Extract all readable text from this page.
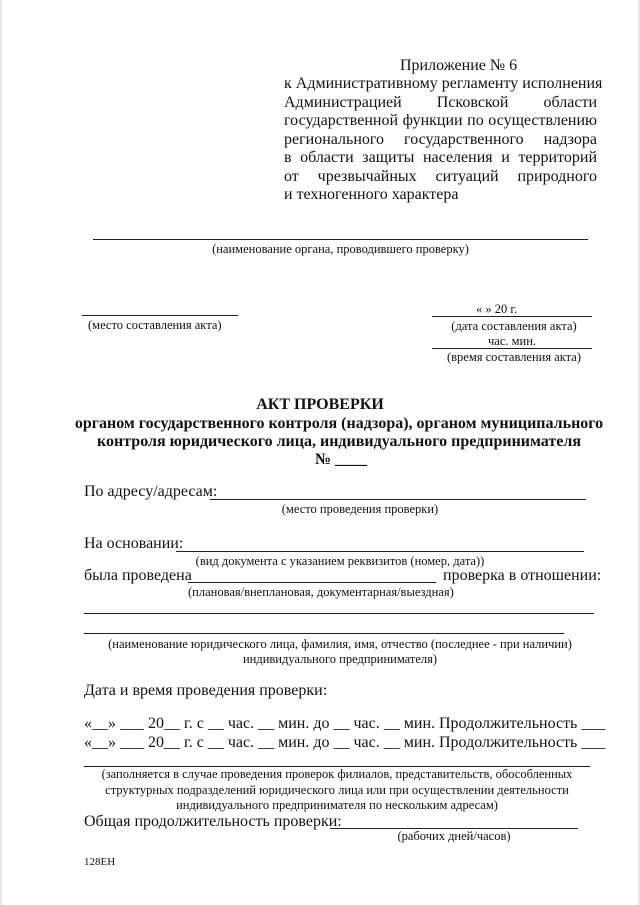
Приложение № 6
к Административному регламенту исполнения
Администрацией Псковской области
государственной функции по осуществлению
регионального государственного надзора
в области защиты населения и территорий
от чрезвычайных ситуаций природного
и техногенного характера
(наименование органа, проводившего проверку)
(место составления акта)
« » 20 г.
(дата составления акта)
час. мин.
(время составления акта)
АКТ ПРОВЕРКИ
органом государственного контроля (надзора), органом муниципального
контроля юридического лица, индивидуального предпринимателя
№ ____
По адресу/адресам:
(место проведения проверки)
На основании:
(вид документа с указанием реквизитов (номер, дата))
была проведена	проверка в отношении:
(плановая/внеплановая, документарная/выездная)
(наименование юридического лица, фамилия, имя, отчество (последнее - при наличии)
индивидуального предпринимателя)
Дата и время проведения проверки:
«__» ___ 20__ г. с __ час. __ мин. до __ час. __ мин. Продолжительность ___
«__» ___ 20__ г. с __ час. __ мин. до __ час. __ мин. Продолжительность ___
(заполняется в случае проведения проверок филиалов, представительств, обособленных
структурных подразделений юридического лица или при осуществлении деятельности
индивидуального предпринимателя по нескольким адресам)
Общая продолжительность проверки:
(рабочих дней/часов)
128ЕН
